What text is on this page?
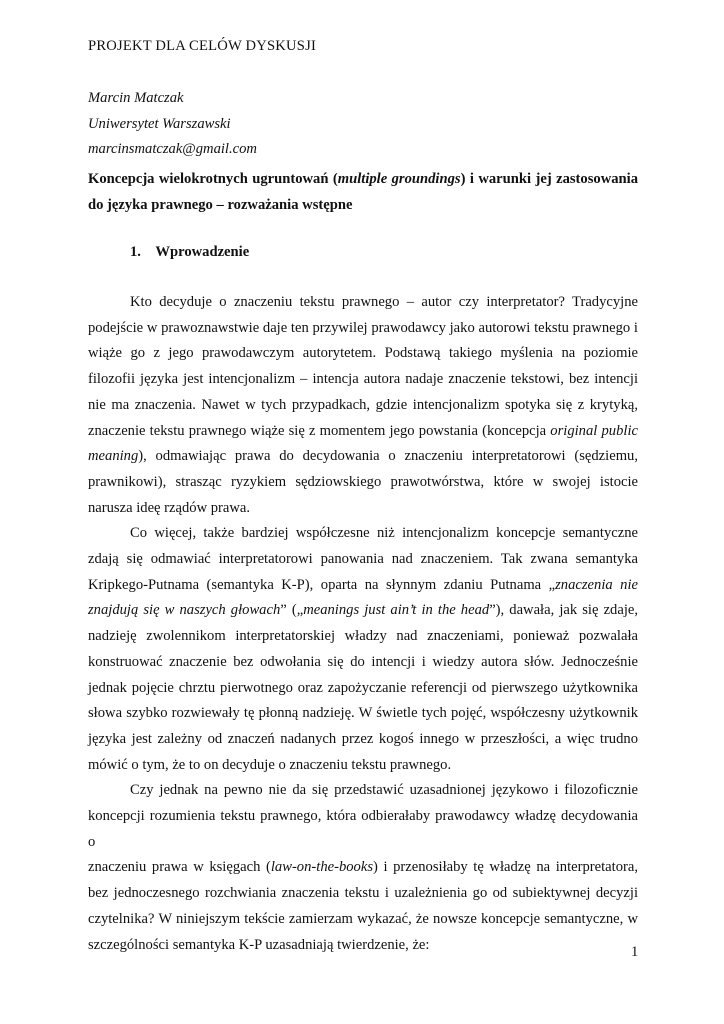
PROJEKT DLA CELÓW DYSKUSJI
Marcin Matczak
Uniwersytet Warszawski
marcinsmatczak@gmail.com
Koncepcja wielokrotnych ugruntowań (multiple groundings) i warunki jej zastosowania
do języka prawnego – rozważania wstępne
1. Wprowadzenie

Kto decyduje o znaczeniu tekstu prawnego – autor czy interpretator? Tradycyjne
podejście w prawoznawstwie daje ten przywilej prawodawcy jako autorowi tekstu prawnego i
wiąże go z jego prawodawczym autorytetem. Podstawą takiego myślenia na poziomie
filozofii języka jest intencjonalizm – intencja autora nadaje znaczenie tekstowi, bez intencji
nie ma znaczenia. Nawet w tych przypadkach, gdzie intencjonalizm spotyka się z krytyką,
znaczenie tekstu prawnego wiąże się z momentem jego powstania (koncepcja original public
meaning), odmawiając prawa do decydowania o znaczeniu interpretatorowi (sędziemu,
prawnikowi), strasząc ryzykiem sędziowskiego prawotwórstwa, które w swojej istocie
narusza ideę rządów prawa.

Co więcej, także bardziej współczesne niż intencjonalizm koncepcje semantyczne
zdają się odmawiać interpretatorowi panowania nad znaczeniem. Tak zwana semantyka
Kripkego-Putnama (semantyka K-P), oparta na słynnym zdaniu Putnama „znaczenia nie
znajdują się w naszych głowach” („meanings just ain’t in the head”), dawała, jak się zdaje,
nadzieję zwolennikom interpretatorskiej władzy nad znaczeniami, ponieważ pozwalała
konstruować znaczenie bez odwołania się do intencji i wiedzy autora słów. Jednocześnie
jednak pojęcie chrztu pierwotnego oraz zapożyczanie referencji od pierwszego użytkownika
słowa szybko rozwiewały tę płonną nadzieję. W świetle tych pojęć, współczesny użytkownik
języka jest zależny od znaczeń nadanych przez kogoś innego w przeszłości, a więc trudno
mówić o tym, że to on decyduje o znaczeniu tekstu prawnego.

Czy jednak na pewno nie da się przedstawić uzasadnionej językowo i filozoficznie
koncepcji rozumienia tekstu prawnego, która odbierałaby prawodawcy władzę decydowania o
znaczeniu prawa w księgach (law-on-the-books) i przenosiłaby tę władzę na interpretatora,
bez jednoczesnego rozchwiania znaczenia tekstu i uzależnienia go od subiektywnej decyzji
czytelnika? W niniejszym tekście zamierzam wykazać, że nowsze koncepcje semantyczne, w
szczególności semantyka K-P uzasadniają twierdzenie, że:	1
